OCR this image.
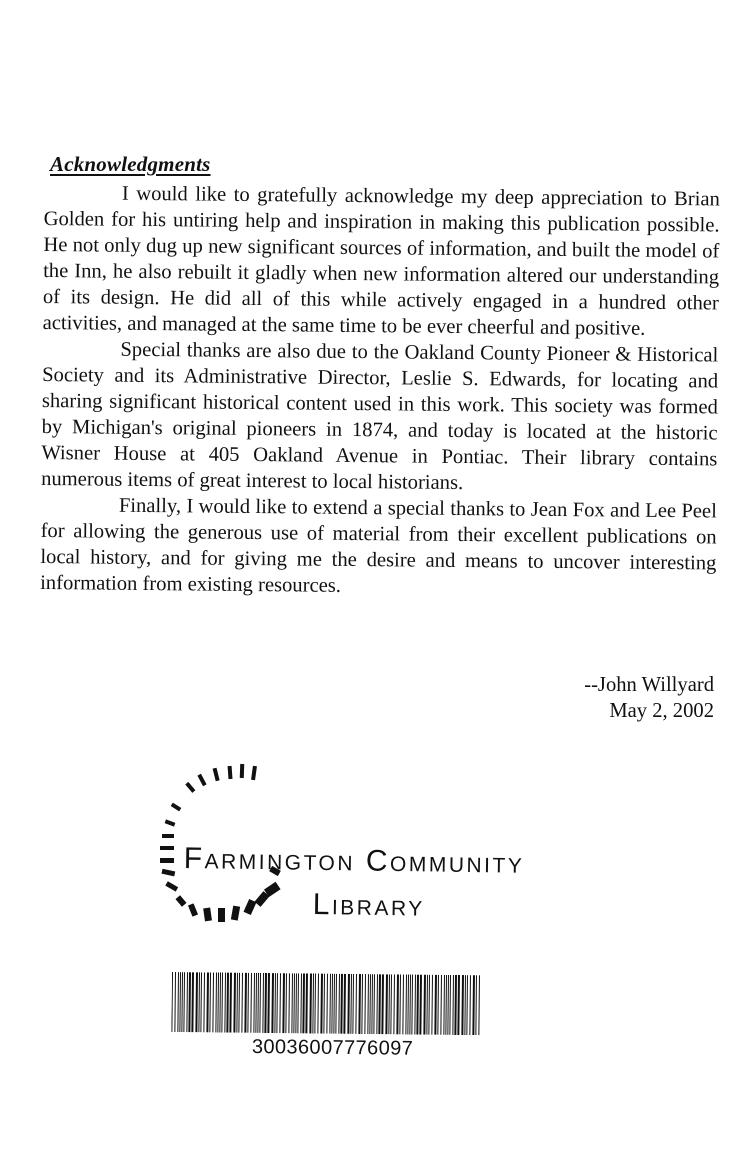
Acknowledgments

I would like to gratefully acknowledge my deep appreciation to Brian Golden for his untiring help and inspiration in making this publication possible. He not only dug up new significant sources of information, and built the model of the Inn, he also rebuilt it gladly when new information altered our understanding of its design. He did all of this while actively engaged in a hundred other activities, and managed at the same time to be ever cheerful and positive.

Special thanks are also due to the Oakland County Pioneer & Historical Society and its Administrative Director, Leslie S. Edwards, for locating and sharing significant historical content used in this work. This society was formed by Michigan's original pioneers in 1874, and today is located at the historic Wisner House at 405 Oakland Avenue in Pontiac. Their library contains numerous items of great interest to local historians.

Finally, I would like to extend a special thanks to Jean Fox and Lee Peel for allowing the generous use of material from their excellent publications on local history, and for giving me the desire and means to uncover interesting information from existing resources.

--John Willyard
May 2, 2002
Farmington Community
Library
30036007776097
